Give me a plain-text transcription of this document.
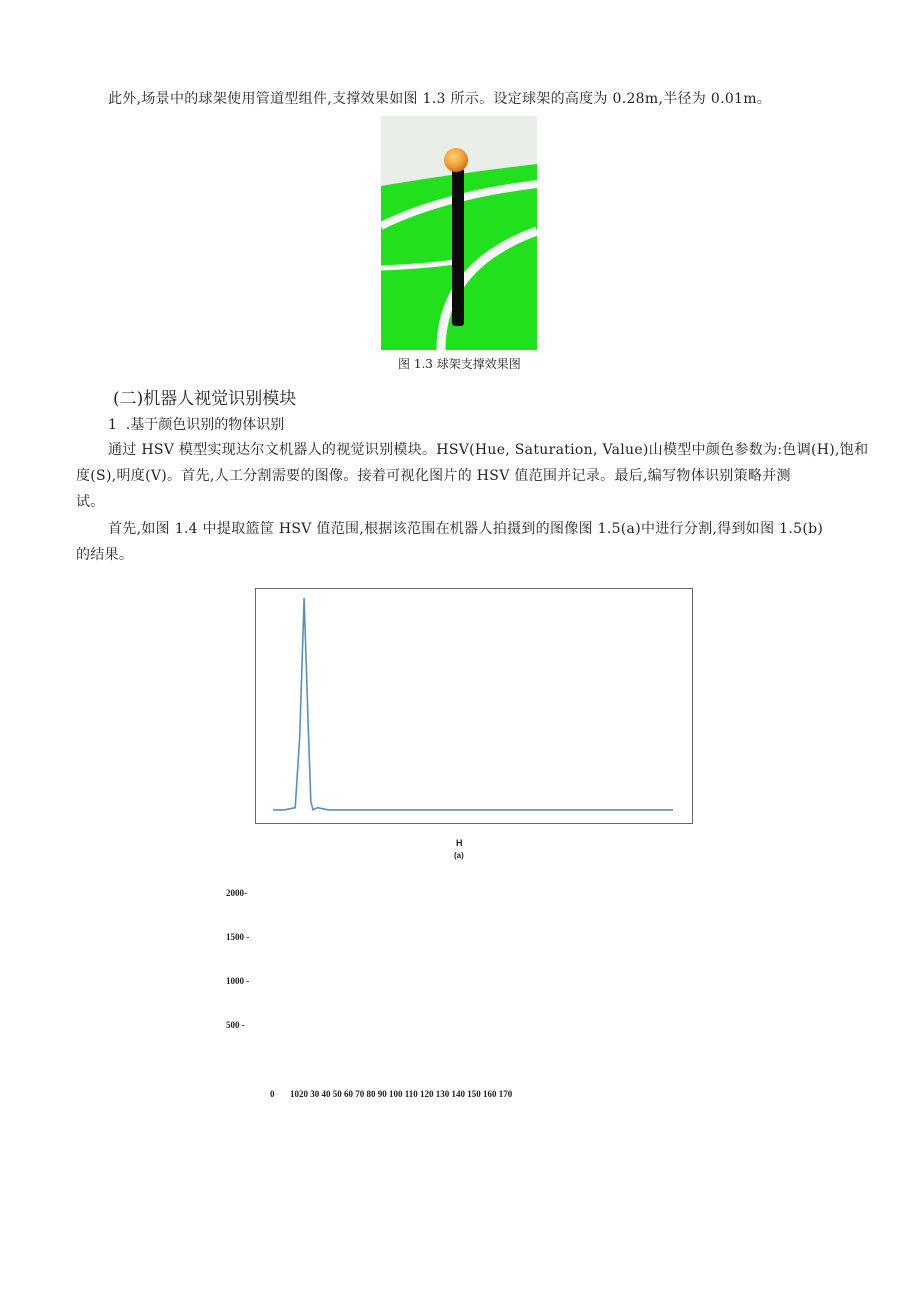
此外,场景中的球架使用管道型组件,支撑效果如图 1.3 所示。设定球架的高度为 0.28m,半径为 0.01m。
图 1.3 球架支撑效果图
(二)机器人视觉识别模块
1  .基于颜色识别的物体识别
通过 HSV 模型实现达尔文机器人的视觉识别模块。HSV(Hue, Saturation, Value)山模型中颜色参数为:色调(H),饱和
度(S),明度(V)。首先,人工分割需要的图像。接着可视化图片的 HSV 值范围并记录。最后,编写物体识别策略并测
试。
首先,如图 1.4 中提取篮筐 HSV 值范围,根据该范围在机器人拍摄到的图像图 1.5(a)中进行分割,得到如图 1.5(b)
的结果。
H
(a)
2000-
1500 -
1000 -
500 -
0 1020 30 40 50 60 70 80 90 100 110 120 130 140 150 160 170
